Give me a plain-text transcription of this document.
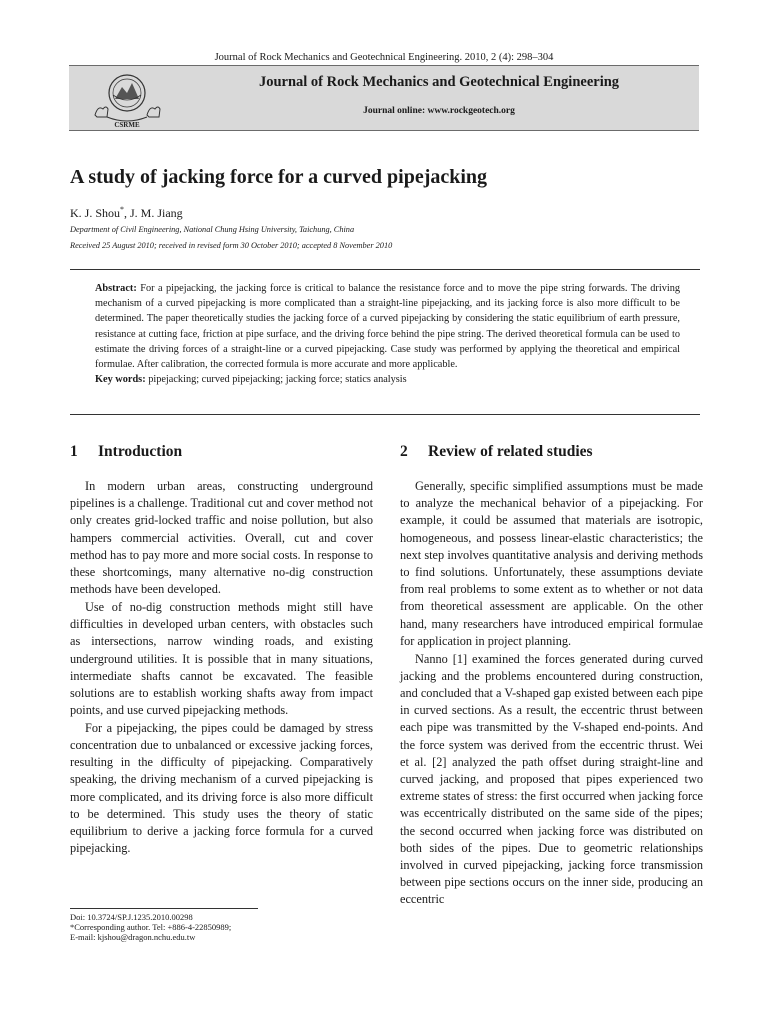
Journal of Rock Mechanics and Geotechnical Engineering. 2010, 2 (4): 298–304
CSRME
Journal of Rock Mechanics and Geotechnical Engineering
Journal online: www.rockgeotech.org
A study of jacking force for a curved pipejacking
K. J. Shou*, J. M. Jiang
Department of Civil Engineering, National Chung Hsing University, Taichung, China
Received 25 August 2010; received in revised form 30 October 2010; accepted 8 November 2010
Abstract: For a pipejacking, the jacking force is critical to balance the resistance force and to move the pipe string forwards. The driving mechanism of a curved pipejacking is more complicated than a straight-line pipejacking, and its jacking force is also more difficult to be determined. The paper theoretically studies the jacking force of a curved pipejacking by considering the static equilibrium of earth pressure, resistance at cutting face, friction at pipe surface, and the driving force behind the pipe string. The derived theoretical formula can be used to estimate the driving forces of a straight-line or a curved pipejacking. Case study was performed by applying the theoretical and empirical formulae. After calibration, the corrected formula is more accurate and more applicable.
Key words: pipejacking; curved pipejacking; jacking force; statics analysis
1 Introduction	2 Review of related studies

In modern urban areas, constructing underground pipelines is a challenge. Traditional cut and cover method not only creates grid-locked traffic and noise pollution, but also hampers commercial activities. Overall, cut and cover method has to pay more and more social costs. In response to these shortcomings, many alternative no-dig construction methods have been developed.

Use of no-dig construction methods might still have difficulties in developed urban centers, with obstacles such as intersections, narrow winding roads, and existing underground utilities. It is possible that in many situations, intermediate shafts cannot be excavated. The feasible solutions are to establish working shafts away from impact points, and use curved pipejacking methods.

For a pipejacking, the pipes could be damaged by stress concentration due to unbalanced or excessive jacking forces, resulting in the difficulty of pipejacking. Comparatively speaking, the driving mechanism of a curved pipejacking is more complicated, and its driving force is also more difficult to be determined. This study uses the theory of static equilibrium to derive a jacking force formula for a curved pipejacking.

Generally, specific simplified assumptions must be made to analyze the mechanical behavior of a pipejacking. For example, it could be assumed that materials are isotropic, homogeneous, and possess linear-elastic characteristics; the next step involves quantitative analysis and deriving methods to find solutions. Unfortunately, these assumptions deviate from real problems to some extent as to whether or not data from theoretical assessment are applicable. On the other hand, many researchers have introduced empirical formulae for application in project planning.

Nanno [1] examined the forces generated during curved jacking and the problems encountered during construction, and concluded that a V-shaped gap existed between each pipe in curved sections. As a result, the eccentric thrust between each pipe was transmitted by the V-shaped end-points. And the force system was derived from the eccentric thrust. Wei et al. [2] analyzed the path offset during straight-line and curved jacking, and proposed that pipes experienced two extreme states of stress: the first occurred when jacking force was eccentrically distributed on the same side of the pipes; the second occurred when jacking force was distributed on both sides of the pipes. Due to geometric relationships involved in curved pipejacking, jacking force transmission between pipe sections occurs on the inner side, producing an eccentric

Doi: 10.3724/SP.J.1235.2010.00298
*Corresponding author. Tel: +886-4-22850989;
E-mail: kjshou@dragon.nchu.edu.tw
